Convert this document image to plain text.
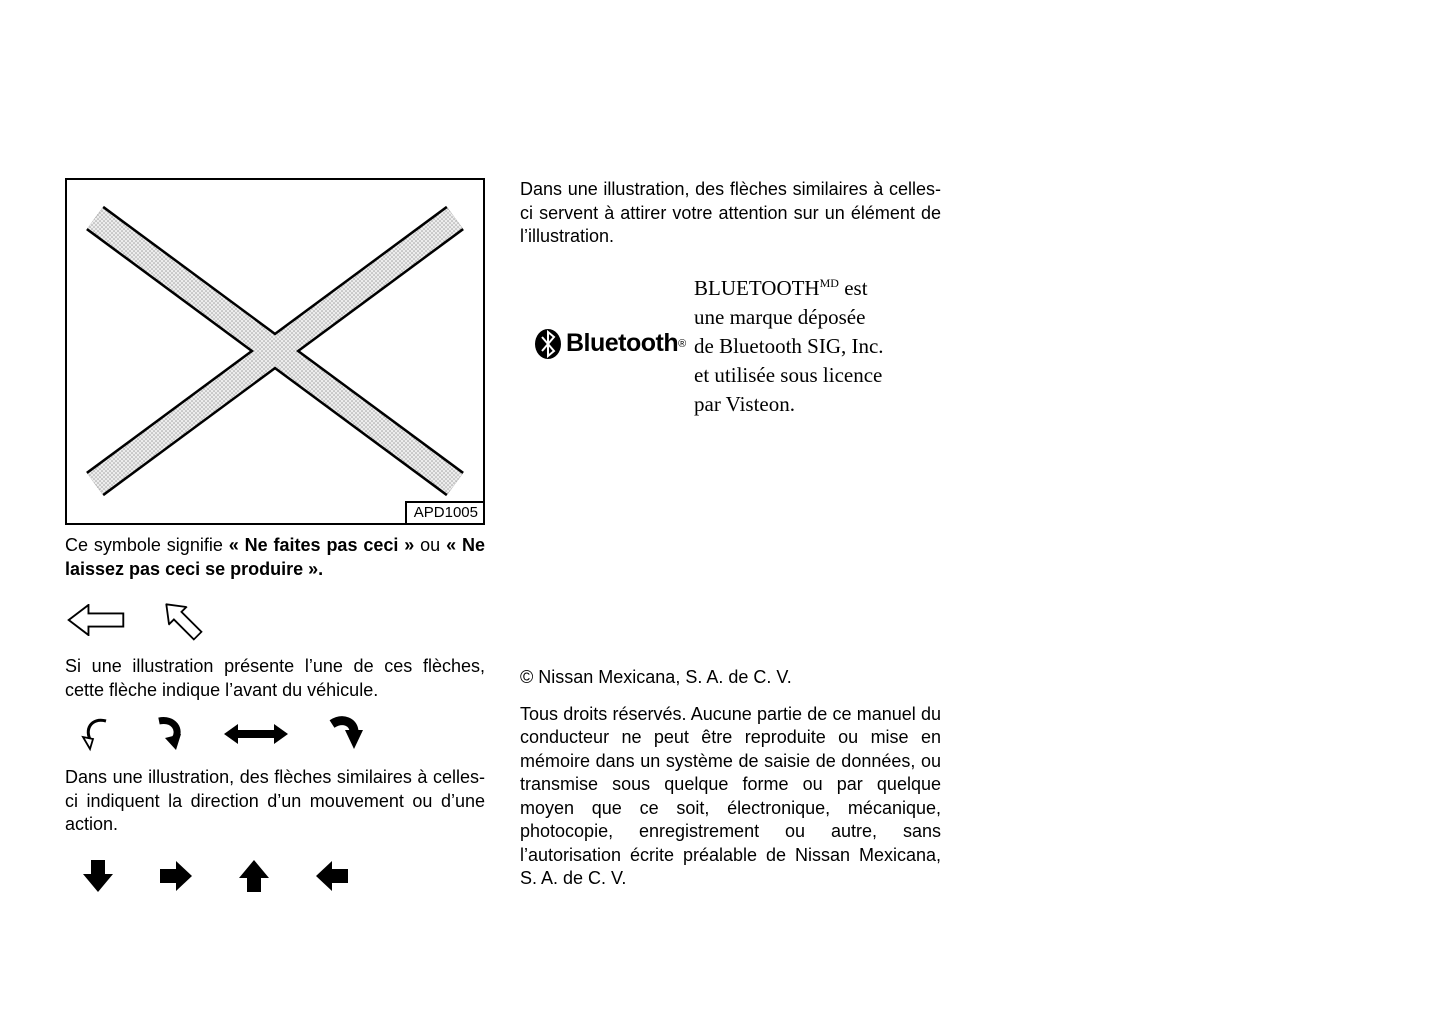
APD1005

Ce symbole signifie « Ne faites pas ceci » ou « Ne laissez pas ceci se produire ».

Si une illustration présente l’une de ces flèches, cette flèche indique l’avant du véhicule.

Dans une illustration, des flèches similaires à celles-ci indiquent la direction d’un mouvement ou d’une action.

Dans une illustration, des flèches similaires à celles-ci servent à attirer votre attention sur un élément de l’illustration.

Bluetooth ®
$BLUETOOTH^{MD}$ est
une marque déposée
de Bluetooth SIG, Inc.
et utilisée sous licence
par Visteon.

© Nissan Mexicana, S. A. de C. V.

Tous droits réservés. Aucune partie de ce manuel du conducteur ne peut être reproduite ou mise en mémoire dans un système de saisie de données, ou transmise sous quelque forme ou par quelque moyen que ce soit, électronique, mécanique, photocopie, enregistrement ou autre, sans l’autorisation écrite préalable de Nissan Mexicana, S. A. de C. V.
